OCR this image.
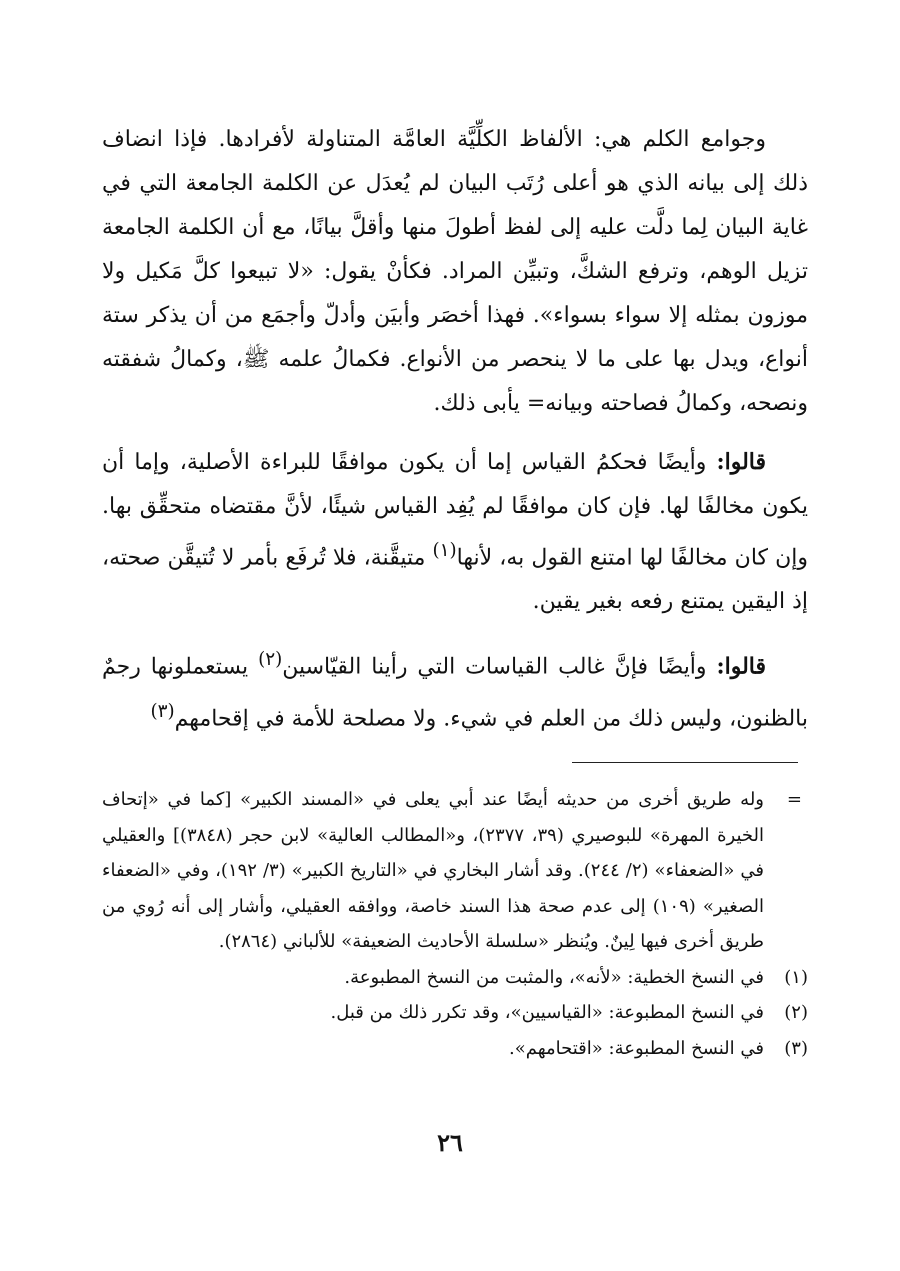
وجوامع الكلم هي: الألفاظ الكلِّيَّة العامَّة المتناولة لأفرادها. فإذا انضاف ذلك إلى بيانه الذي هو أعلى رُتَب البيان لم يُعدَل عن الكلمة الجامعة التي في غاية البيان لِما دلَّت عليه إلى لفظ أطولَ منها وأقلَّ بيانًا، مع أن الكلمة الجامعة تزيل الوهم، وترفع الشكَّ، وتبيِّن المراد. فكأنْ يقول: «لا تبيعوا كلَّ مَكيل ولا موزون بمثله إلا سواء بسواء». فهذا أخصَر وأبيَن وأدلّ وأجمَع من أن يذكر ستة أنواع، ويدل بها على ما لا ينحصر من الأنواع. فكمالُ علمه ﷺ، وكمالُ شفقته ونصحه، وكمالُ فصاحته وبيانه= يأبى ذلك.

قالوا: وأيضًا فحكمُ القياس إما أن يكون موافقًا للبراءة الأصلية، وإما أن يكون مخالفًا لها. فإن كان موافقًا لم يُفِد القياس شيئًا، لأنَّ مقتضاه متحقِّق بها. وإن كان مخالفًا لها امتنع القول به، لأنها$^{(١)}$ متيقَّنة، فلا تُرفَع بأمر لا تُتيقَّن صحته، إذ اليقين يمتنع رفعه بغير يقين.

قالوا: وأيضًا فإنَّ غالب القياسات التي رأينا القيّاسين$^{(٢)}$ يستعملونها رجمٌ بالظنون، وليس ذلك من العلم في شيء. ولا مصلحة للأمة في إقحامهم$^{(٣)}$

=
وله طريق أخرى من حديثه أيضًا عند أبي يعلى في «المسند الكبير» [كما في «إتحاف الخيرة المهرة» للبوصيري (٣٩، ٢٣٧٧)، و«المطالب العالية» لابن حجر (٣٨٤٨)] والعقيلي في «الضعفاء» (٢/ ٢٤٤). وقد أشار البخاري في «التاريخ الكبير» (٣/ ١٩٢)، وفي «الضعفاء الصغير» (١٠٩) إلى عدم صحة هذا السند خاصة، ووافقه العقيلي، وأشار إلى أنه رُوي من طريق أخرى فيها لِينٌ. ويُنظر «سلسلة الأحاديث الضعيفة» للألباني (٢٨٦٤).

(١)
في النسخ الخطية: «لأنه»، والمثبت من النسخ المطبوعة.
(٢)
في النسخ المطبوعة: «القياسيين»، وقد تكرر ذلك من قبل.
(٣)
في النسخ المطبوعة: «اقتحامهم».
٢٦
